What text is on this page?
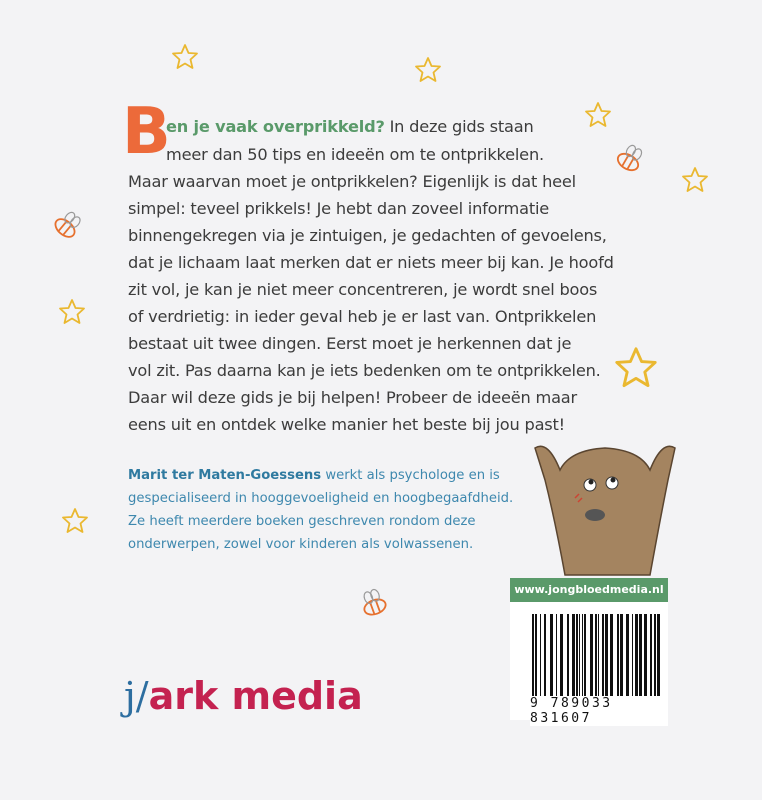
B
en je vaak overprikkeld? In deze gids staan
meer dan 50 tips en ideeën om te ontprikkelen.
Maar waarvan moet je ontprikkelen? Eigenlijk is dat heel
simpel: teveel prikkels! Je hebt dan zoveel informatie
binnengekregen via je zintuigen, je gedachten of gevoelens,
dat je lichaam laat merken dat er niets meer bij kan. Je hoofd
zit vol, je kan je niet meer concentreren, je wordt snel boos
of verdrietig: in ieder geval heb je er last van. Ontprikkelen
bestaat uit twee dingen. Eerst moet je herkennen dat je
vol zit. Pas daarna kan je iets bedenken om te ontprikkelen.
Daar wil deze gids je bij helpen! Probeer de ideeën maar
eens uit en ontdek welke manier het beste bij jou past!
Marit ter Maten-Goessens werkt als psychologe en is
gespecialiseerd in hooggevoeligheid en hoogbegaafdheid.
Ze heeft meerdere boeken geschreven rondom deze
onderwerpen, zowel voor kinderen als volwassenen.
www.jongbloedmedia.nl
9 789033 831607
j/ark media
